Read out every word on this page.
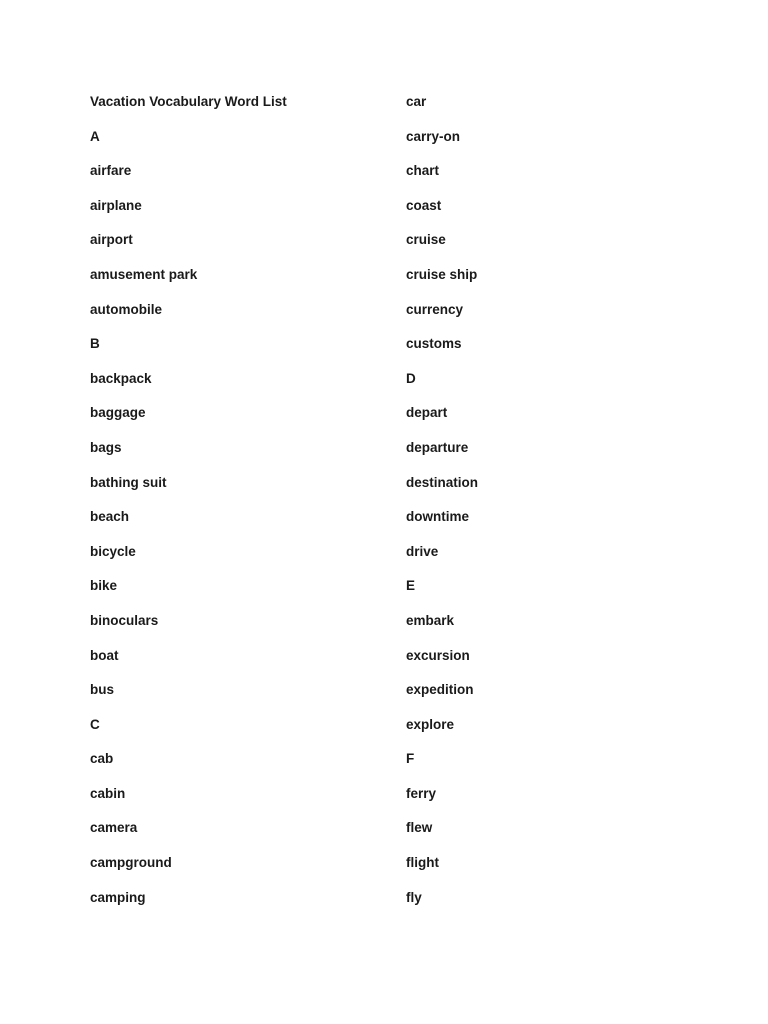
Vacation Vocabulary Word List
A
airfare
airplane
airport
amusement park
automobile
B
backpack
baggage
bags
bathing suit
beach
bicycle
bike
binoculars
boat
bus
C
cab
cabin
camera
campground
camping
car
carry-on
chart
coast
cruise
cruise ship
currency
customs
D
depart
departure
destination
downtime
drive
E
embark
excursion
expedition
explore
F
ferry
flew
flight
fly
